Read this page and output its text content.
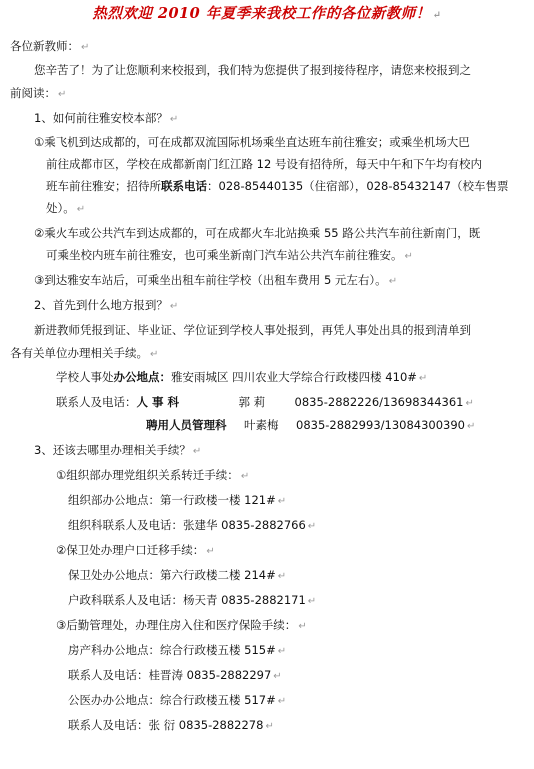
热烈欢迎 2010 年夏季来我校工作的各位新教师！ ↵
各位新教师： ↵
您辛苦了！为了让您顺利来校报到，我们特为您提供了报到接待程序，请您来校报到之
前阅读： ↵
1、如何前往雅安校本部？ ↵
①乘飞机到达成都的，可在成都双流国际机场乘坐直达班车前往雅安；或乘坐机场大巴
前往成都市区，学校在成都新南门红江路 12 号设有招待所，每天中午和下午均有校内
班车前往雅安；招待所联系电话：028-85440135（住宿部），028-85432147（校车售票
处）。 ↵
②乘火车或公共汽车到达成都的，可在成都火车北站换乘 55 路公共汽车前往新南门，既
可乘坐校内班车前往雅安，也可乘坐新南门汽车站公共汽车前往雅安。 ↵
③到达雅安车站后，可乘坐出租车前往学校（出租车费用 5 元左右）。 ↵
2、首先到什么地方报到？ ↵
新进教师凭报到证、毕业证、学位证到学校人事处报到，再凭人事处出具的报到清单到
各有关单位办理相关手续。 ↵
学校人事处办公地点：雅安雨城区 四川农业大学综合行政楼四楼 410# ↵
联系人及电话：人 事 科	郭 莉	0835-2882226/13698344361 ↵
聘用人员管理科 叶素梅 0835-2882993/13084300390 ↵
3、还该去哪里办理相关手续？ ↵
①组织部办理党组织关系转迁手续： ↵
组织部办公地点：第一行政楼一楼 121# ↵
组织科联系人及电话：张建华 0835-2882766 ↵
②保卫处办理户口迁移手续： ↵
保卫处办公地点：第六行政楼二楼 214# ↵
户政科联系人及电话：杨天青 0835-2882171 ↵
③后勤管理处，办理住房入住和医疗保险手续： ↵
房产科办公地点：综合行政楼五楼 515# ↵
联系人及电话：桂晋涛 0835-2882297 ↵
公医办办公地点：综合行政楼五楼 517# ↵
联系人及电话：张 衍 0835-2882278 ↵
